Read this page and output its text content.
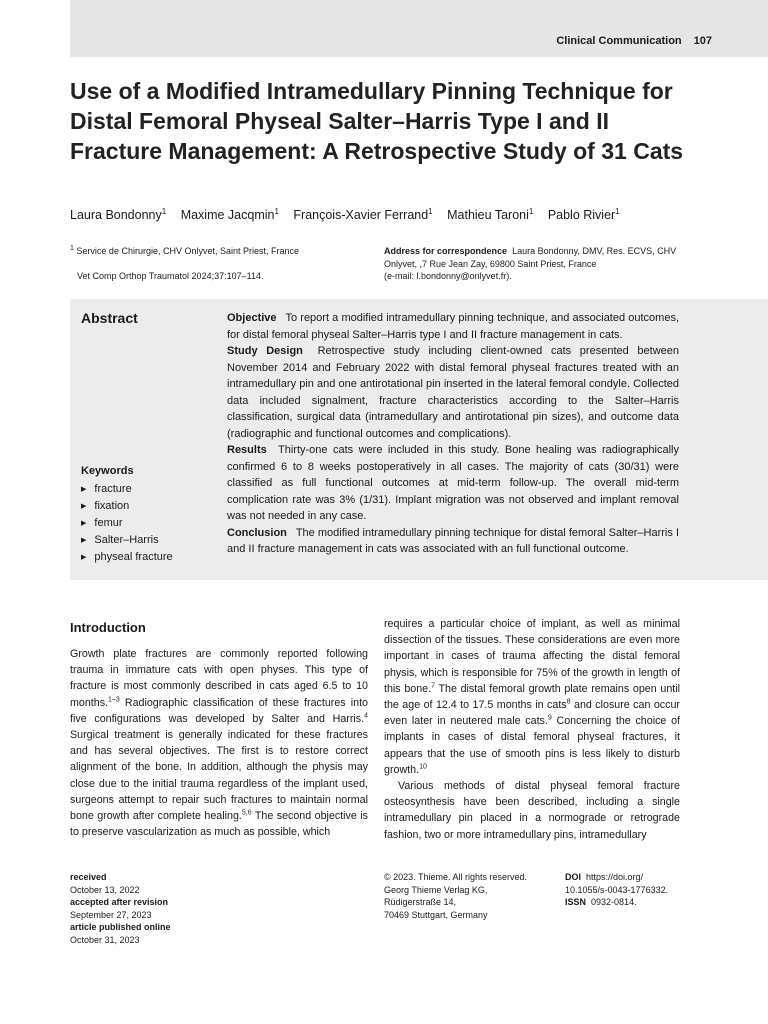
Clinical Communication 107
Use of a Modified Intramedullary Pinning Technique for Distal Femoral Physeal Salter–Harris Type I and II Fracture Management: A Retrospective Study of 31 Cats
Laura Bondonny$^1$ Maxime Jacqmin$^1$ François-Xavier Ferrand$^1$ Mathieu Taroni$^1$ Pablo Rivier$^1$
$^1$ Service de Chirurgie, CHV Onlyvet, Saint Priest, France
Vet Comp Orthop Traumatol 2024;37:107–114.
Address for correspondence Laura Bondonny, DMV, Res. ECVS, CHV
Onlyvet, ,7 Rue Jean Zay, 69800 Saint Priest, France
(e-mail: l.bondonny@onlyvet.fr).
Abstract
Keywords
▶ fracture
▶ fixation
▶ femur
▶ Salter–Harris
▶ physeal fracture

Objective To report a modified intramedullary pinning technique, and associated outcomes, for distal femoral physeal Salter–Harris type I and II fracture management in cats.

Study Design Retrospective study including client-owned cats presented between November 2014 and February 2022 with distal femoral physeal fractures treated with an intramedullary pin and one antirotational pin inserted in the lateral femoral condyle. Collected data included signalment, fracture characteristics according to the Salter–Harris classification, surgical data (intramedullary and antirotational pin sizes), and outcome data (radiographic and functional outcomes and complications).

Results Thirty-one cats were included in this study. Bone healing was radiographically confirmed 6 to 8 weeks postoperatively in all cases. The majority of cats (30/31) were classified as full functional outcomes at mid-term follow-up. The overall mid-term complication rate was 3% (1/31). Implant migration was not observed and implant removal was not needed in any case.

Conclusion The modified intramedullary pinning technique for distal femoral Salter–Harris I and II fracture management in cats was associated with an full functional outcome.

Introduction

Growth plate fractures are commonly reported following trauma in immature cats with open physes. This type of fracture is most commonly described in cats aged 6.5 to 10 months.$^{1-3}$ Radiographic classification of these fractures into five configurations was developed by Salter and Harris.$^4$ Surgical treatment is generally indicated for these fractures and has several objectives. The first is to restore correct alignment of the bone. In addition, although the physis may close due to the initial trauma regardless of the implant used, surgeons attempt to repair such fractures to maintain normal bone growth after complete healing.$^{5,6}$ The second objective is to preserve vascularization as much as possible, which

requires a particular choice of implant, as well as minimal dissection of the tissues. These considerations are even more important in cases of trauma affecting the distal femoral physis, which is responsible for 75% of the growth in length of this bone.$^7$ The distal femoral growth plate remains open until the age of 12.4 to 17.5 months in cats$^8$ and closure can occur even later in neutered male cats.$^9$ Concerning the choice of implants in cases of distal femoral physeal fractures, it appears that the use of smooth pins is less likely to disturb growth.$^{10}$

Various methods of distal physeal femoral fracture osteosynthesis have been described, including a single intramedullary pin placed in a normograde or retrograde fashion, two or more intramedullary pins, intramedullary

received
October 13, 2022
accepted after revision
September 27, 2023
article published online
October 31, 2023
© 2023. Thieme. All rights reserved.
Georg Thieme Verlag KG,
Rüdigerstraße 14,
70469 Stuttgart, Germany
DOI https://doi.org/
10.1055/s-0043-1776332.
ISSN 0932-0814.
